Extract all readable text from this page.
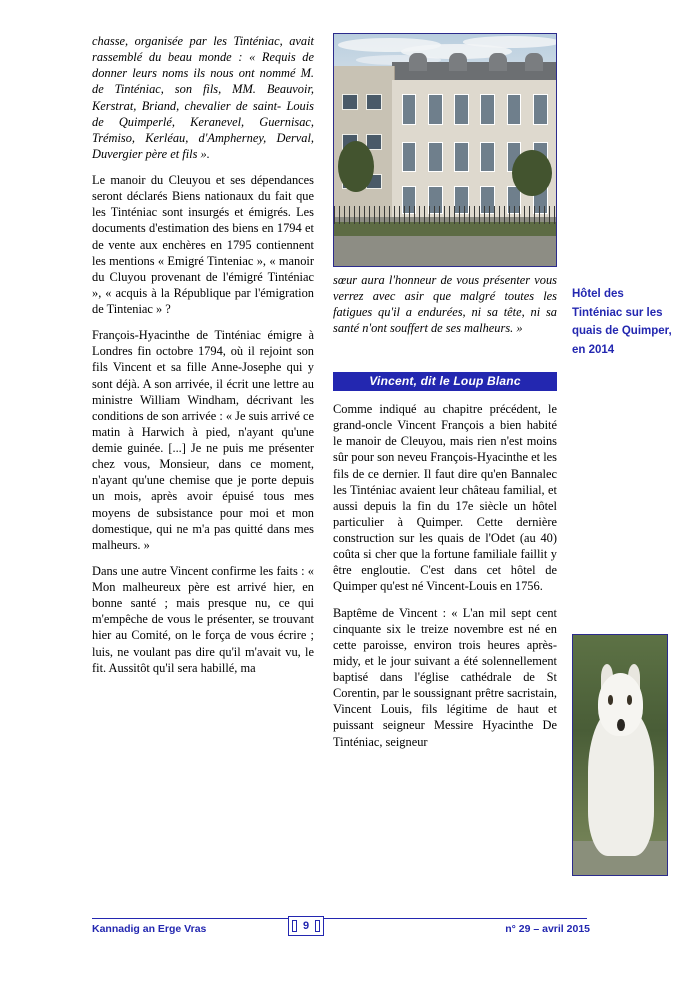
chasse, organisée par les Tinténiac, avait rassemblé du beau monde : « Requis de donner leurs noms ils nous ont nommé M. de Tinténiac, son fils, MM. Beauvoir, Kerstrat, Briand, chevalier de saint- Louis de Quimperlé, Keranevel, Guernisac, Trémiso, Kerléau, d'Ampherney, Derval, Duvergier père et fils ».

Le manoir du Cleuyou et ses dépendances seront déclarés Biens nationaux du fait que les Tinténiac sont insurgés et émigrés. Les documents d'estimation des biens en 1794 et de vente aux enchères en 1795 contiennent les mentions « Emigré Tinteniac », « manoir du Cluyou provenant de l'émigré Tinténiac », « acquis à la République par l'émigration de Tinteniac » ?

François-Hyacinthe de Tinténiac émigre à Londres fin octobre 1794, où il rejoint son fils Vincent et sa fille Anne-Josephe qui y sont déjà. A son arrivée, il écrit une lettre au ministre William Windham, décrivant les conditions de son arrivée : « Je suis arrivé ce matin à Harwich à pied, n'ayant qu'une demie guinée. [...] Je ne puis me présenter chez vous, Monsieur, dans ce moment, n'ayant qu'une chemise que je porte depuis un mois, après avoir épuisé tous mes moyens de subsistance pour moi et mon domestique, qui ne m'a pas quitté dans mes malheurs. »

Dans une autre Vincent confirme les faits : « Mon malheureux père est arrivé hier, en bonne santé ; mais presque nu, ce qui m'empêche de vous le présenter, se trouvant hier au Comité, on le força de vous écrire ; luis, ne voulant pas dire qu'il m'avait vu, le fit. Aussitôt qu'il sera habillé, ma

Hôtel des Tinténiac sur les quais de Quimper, en 2014

sœur aura l'honneur de vous présenter vous verrez avec asir que malgré toutes les fatigues qu'il a endurées, ni sa tête, ni sa santé n'ont souffert de ses malheurs. »

Vincent, dit le Loup Blanc

Comme indiqué au chapitre précédent, le grand-oncle Vincent François a bien habité le manoir de Cleuyou, mais rien n'est moins sûr pour son neveu François-Hyacinthe et les fils de ce dernier. Il faut dire qu'en Bannalec les Tinténiac avaient leur château familial, et aussi depuis la fin du 17e siècle un hôtel particulier à Quimper. Cette dernière construction sur les quais de l'Odet (au 40) coûta si cher que la fortune familiale faillit y être engloutie. C'est dans cet hôtel de Quimper qu'est né Vincent-Louis en 1756.

Baptême de Vincent : « L'an mil sept cent cinquante six le treize novembre est né en cette paroisse, environ trois heures après-midy, et le jour suivant a été solennellement baptisé dans l'église cathédrale de St Corentin, par le soussignant prêtre sacristain, Vincent Louis, fils légitime de haut et puissant seigneur Messire Hyacinthe De Tinténiac, seigneur

Kannadig an Erge Vras	9	n° 29 – avril 2015
